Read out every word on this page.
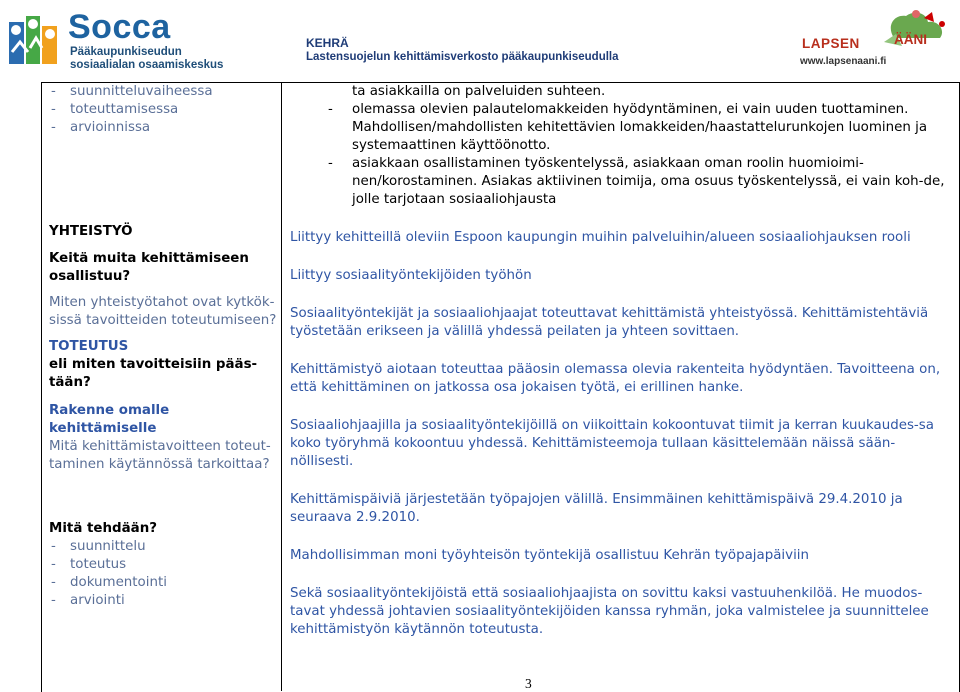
Socca
Pääkaupunkiseudun
sosiaalialan osaamiskeskus
KEHRÄ
Lastensuojelun kehittämisverkosto pääkaupunkiseudulla
LAPSEN	ÄÄNI
www.lapsenaani.fi
- suunnitteluvaiheessa
- toteuttamisessa
- arvioinnissa

YHTEISTYÖ

Keitä muita kehittämiseen osallistuu?

Miten yhteistyötahot ovat kytkök-sissä tavoitteiden toteutumiseen?

TOTEUTUS

eli miten tavoitteisiin pääs-tään?

Rakenne omalle kehittämiselle

Mitä kehittämistavoitteen toteut-taminen käytännössä tarkoittaa?

Mitä tehdään?

- suunnittelu
- toteutus
- dokumentointi
- arviointi

ta asiakkailla on palveluiden suhteen.

- olemassa olevien palautelomakkeiden hyödyntäminen, ei vain uuden tuottaminen.

Mahdollisen/mahdollisten kehitettävien lomakkeiden/haastattelurunkojen luominen ja systemaattinen käyttöönotto.

- asiakkaan osallistaminen työskentelyssä, asiakkaan oman roolin huomioimi-nen/korostaminen. Asiakas aktiivinen toimija, oma osuus työskentelyssä, ei vain koh-de, jolle tarjotaan sosiaaliohjausta

Liittyy kehitteillä oleviin Espoon kaupungin muihin palveluihin/alueen sosiaaliohjauksen rooli

Liittyy sosiaalityöntekijöiden työhön

Sosiaalityöntekijät ja sosiaaliohjaajat toteuttavat kehittämistä yhteistyössä. Kehittämistehtäviä työstetään erikseen ja välillä yhdessä peilaten ja yhteen sovittaen.

Kehittämistyö aiotaan toteuttaa pääosin olemassa olevia rakenteita hyödyntäen. Tavoitteena on, että kehittäminen on jatkossa osa jokaisen työtä, ei erillinen hanke.

Sosiaaliohjaajilla ja sosiaalityöntekijöillä on viikoittain kokoontuvat tiimit ja kerran kuukaudes-sa koko työryhmä kokoontuu yhdessä. Kehittämisteemoja tullaan käsittelemään näissä sään-nöllisesti.

Kehittämispäiviä järjestetään työpajojen välillä. Ensimmäinen kehittämispäivä 29.4.2010 ja seuraava 2.9.2010.

Mahdollisimman moni työyhteisön työntekijä osallistuu Kehrän työpajapäiviin

Sekä sosiaalityöntekijöistä että sosiaaliohjaajista on sovittu kaksi vastuuhenkilöä. He muodos-tavat yhdessä johtavien sosiaalityöntekijöiden kanssa ryhmän, joka valmistelee ja suunnittelee kehittämistyön käytännön toteutusta.

3
